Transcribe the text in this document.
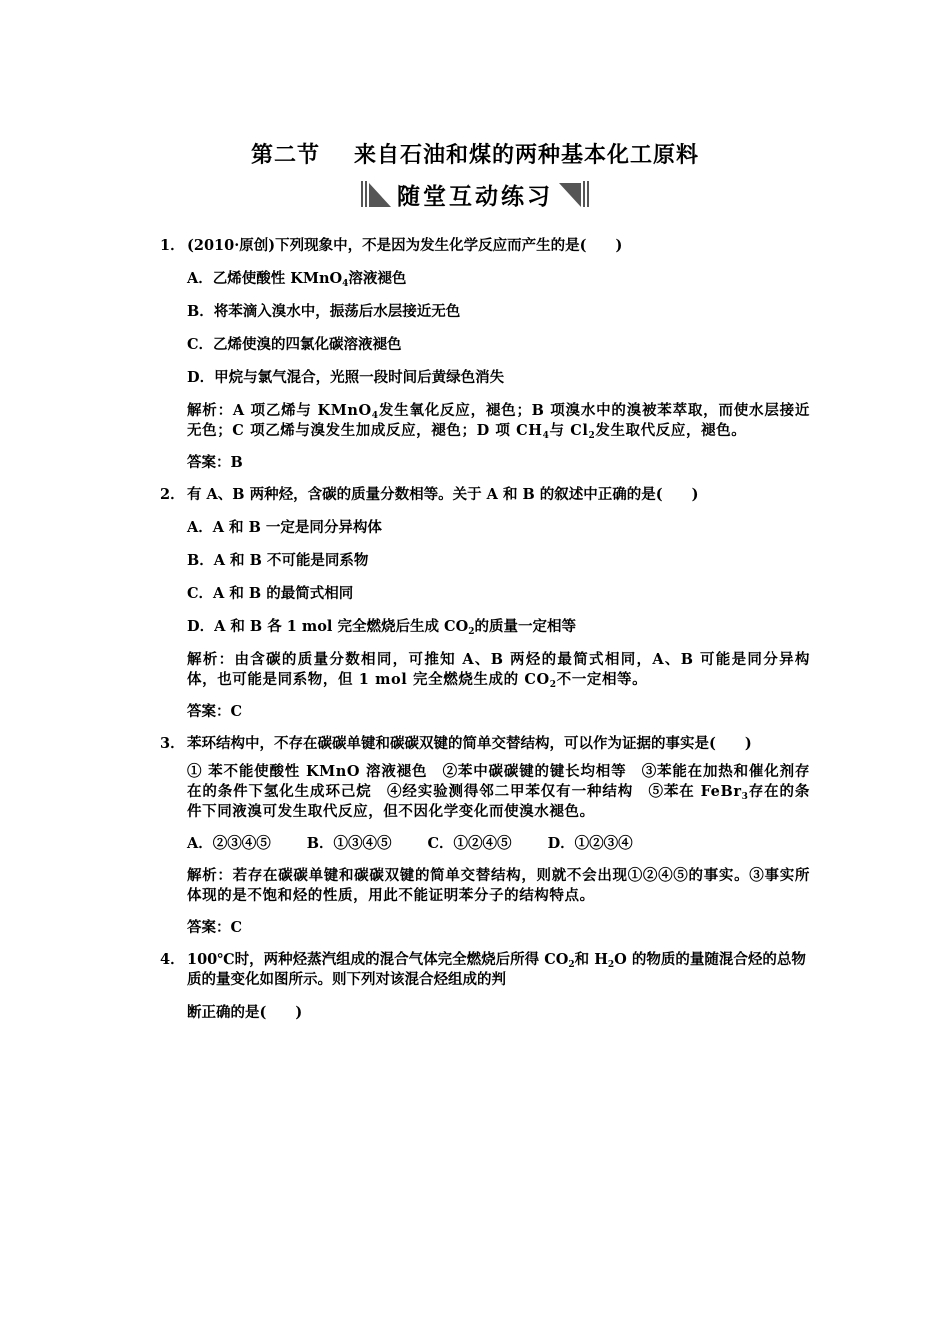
第二节 来自石油和煤的两种基本化工原料
随堂互动练习
1． (2010·原创)下列现象中，不是因为发生化学反应而产生的是(　　)
A．乙烯使酸性 KMnO$_4$溶液褪色
B．将苯滴入溴水中，振荡后水层接近无色
C．乙烯使溴的四氯化碳溶液褪色
D．甲烷与氯气混合，光照一段时间后黄绿色消失
解析：A 项乙烯与 KMnO$_4$发生氧化反应，褪色；B 项溴水中的溴被苯萃取，而使水层接近无色；C 项乙烯与溴发生加成反应，褪色；D 项 $CH_4$与 $Cl_2$发生取代反应，褪色。
答案：B
2． 有 A、B 两种烃，含碳的质量分数相等。关于 A 和 B 的叙述中正确的是(　　)
A．A 和 B 一定是同分异构体
B．A 和 B 不可能是同系物
C．A 和 B 的最简式相同
D．A 和 B 各 1 mol 完全燃烧后生成 $CO_2$的质量一定相等
解析：由含碳的质量分数相同，可推知 A、B 两烃的最简式相同，A、B 可能是同分异构体，也可能是同系物，但 1 mol 完全燃烧生成的 $CO_2$不一定相等。
答案：C
3． 苯环结构中，不存在碳碳单键和碳碳双键的简单交替结构，可以作为证据的事实是(　　)
① 苯不能使酸性 KMnO 溶液褪色　②苯中碳碳键的键长均相等　③苯能在加热和催化剂存在的条件下氢化生成环己烷　④经实验测得邻二甲苯仅有一种结构　⑤苯在 FeBr$_3$存在的条件下同液溴可发生取代反应，但不因化学变化而使溴水褪色。
A．②③④⑤ B．①③④⑤ C．①②④⑤ D．①②③④
解析：若存在碳碳单键和碳碳双键的简单交替结构，则就不会出现①②④⑤的事实。③事实所体现的是不饱和烃的性质，用此不能证明苯分子的结构特点。
答案：C
4． 100℃时，两种烃蒸汽组成的混合气体完全燃烧后所得 $CO_2$和 $H_2O$ 的物质的量随混合烃的总物质的量变化如图所示。则下列对该混合烃组成的判
断正确的是(　　)
